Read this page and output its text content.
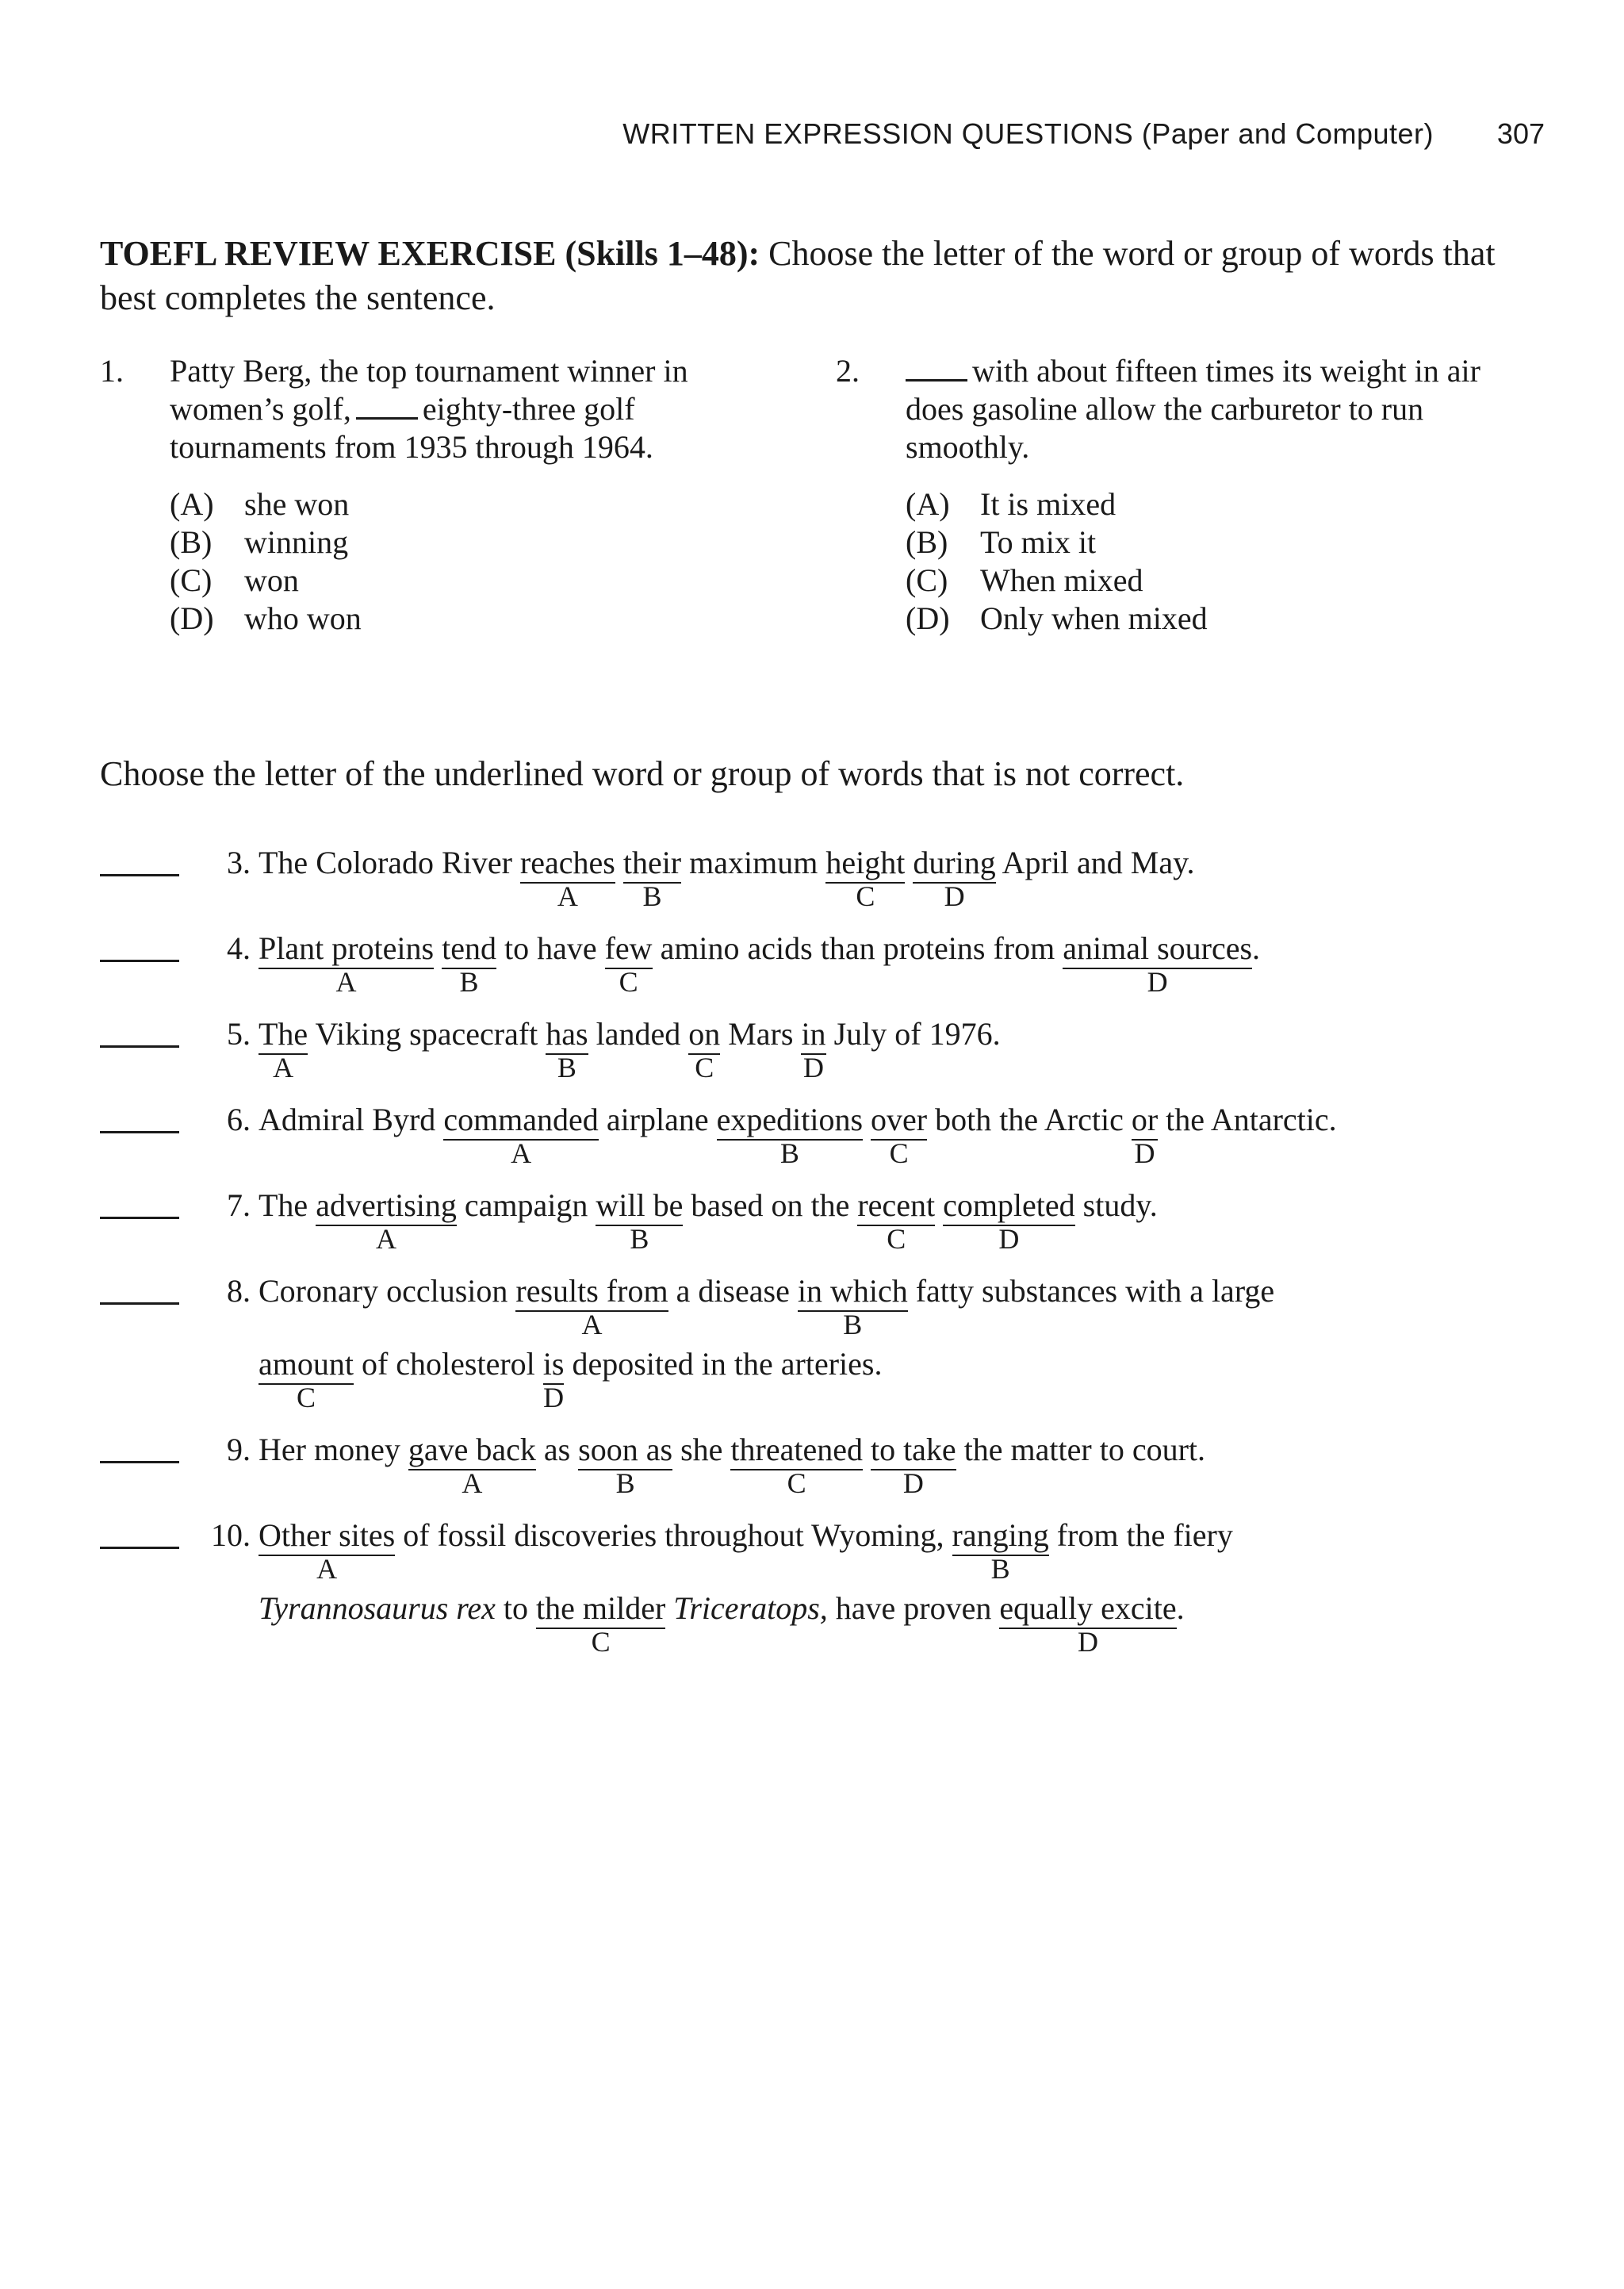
WRITTEN EXPRESSION QUESTIONS (Paper and Computer) 307
TOEFL REVIEW EXERCISE (Skills 1–48): Choose the letter of the word or group of words that best completes the sentence.
1. Patty Berg, the top tournament winner in women’s golf, eighty-three golf tournaments from 1935 through 1964.
(A) she won
(B)	winning
(C)	won
(D) who won
2.	with about fifteen times its weight in air does gasoline allow the carburetor to run smoothly.
(A) It is mixed
(B)	To mix it
(C)	When mixed
(D) Only when mixed
Choose the letter of the underlined word or group of words that is not correct.
3. The Colorado River reaches
A
their
B
maximum height
C
during
D
April and May.
4. Plant proteins
A
tend
B
to have few
C
amino acids than proteins from animal sources
D
.
5. The
A
Viking spacecraft has
B
landed on
C
Mars in
D
July of 1976.
6. Admiral Byrd commanded
A
airplane expeditions
B
over
C
both the Arctic or
D
the Antarctic.
7. The advertising
A
campaign will be
B
based on the recent
C
completed
D
study.
8. Coronary occlusion results from
A
a disease in which
B
fatty substances with a large
amount
C
of cholesterol is
D
deposited in the arteries.
9. Her money gave back
A
as soon as
B
she threatened
C
to take
D
the matter to court.
10. Other sites
A
of fossil discoveries throughout Wyoming, ranging
B
from the fiery
Tyrannosaurus rex to the milder
C
Triceratops, have proven equally excite
D
.
